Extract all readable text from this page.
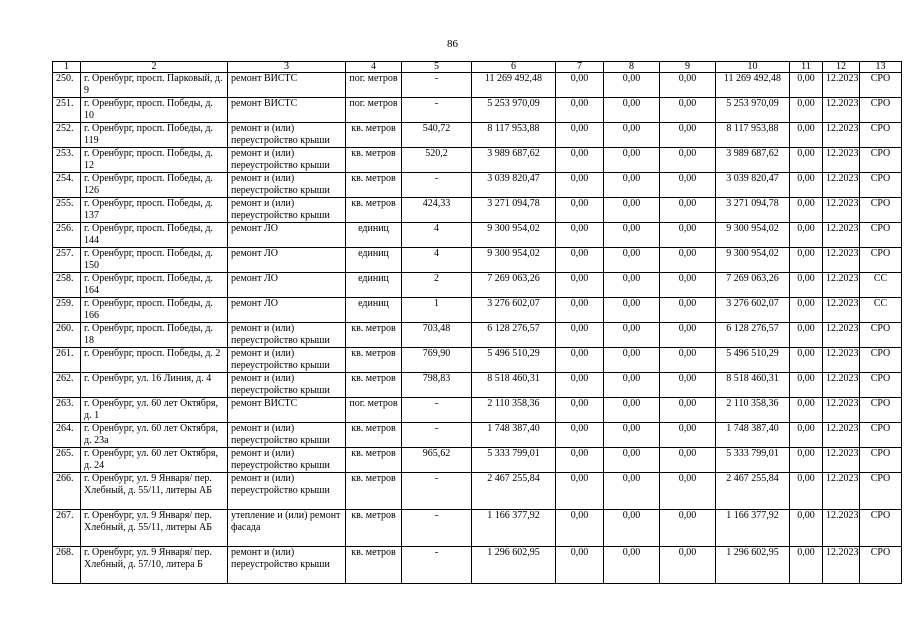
86
1	2	3	4	5	6	7	8	9	10	11	12	13
250.	г. Оренбург, просп. Парковый, д. 9	ремонт ВИСТС	пог. метров	-	11 269 492,48	0,00	0,00	0,00	11 269 492,48	0,00	12.2023	СРО
251.	г. Оренбург, просп. Победы, д. 10	ремонт ВИСТС	пог. метров	-	5 253 970,09	0,00	0,00	0,00	5 253 970,09	0,00	12.2023	СРО
252.	г. Оренбург, просп. Победы, д. 119	ремонт и (или) переустройство крыши	кв. метров	540,72	8 117 953,88	0,00	0,00	0,00	8 117 953,88	0,00	12.2023	СРО
253.	г. Оренбург, просп. Победы, д. 12	ремонт и (или) переустройство крыши	кв. метров	520,2	3 989 687,62	0,00	0,00	0,00	3 989 687,62	0,00	12.2023	СРО
254.	г. Оренбург, просп. Победы, д. 126	ремонт и (или) переустройство крыши	кв. метров	-	3 039 820,47	0,00	0,00	0,00	3 039 820,47	0,00	12.2023	СРО
255.	г. Оренбург, просп. Победы, д. 137	ремонт и (или) переустройство крыши	кв. метров	424,33	3 271 094,78	0,00	0,00	0,00	3 271 094,78	0,00	12.2023	СРО
256.	г. Оренбург, просп. Победы, д. 144	ремонт ЛО	единиц	4	9 300 954,02	0,00	0,00	0,00	9 300 954,02	0,00	12.2023	СРО
257.	г. Оренбург, просп. Победы, д. 150	ремонт ЛО	единиц	4	9 300 954,02	0,00	0,00	0,00	9 300 954,02	0,00	12.2023	СРО
258.	г. Оренбург, просп. Победы, д. 164	ремонт ЛО	единиц	2	7 269 063,26	0,00	0,00	0,00	7 269 063,26	0,00	12.2023	СС
259.	г. Оренбург, просп. Победы, д. 166	ремонт ЛО	единиц	1	3 276 602,07	0,00	0,00	0,00	3 276 602,07	0,00	12.2023	СС
260.	г. Оренбург, просп. Победы, д. 18	ремонт и (или) переустройство крыши	кв. метров	703,48	6 128 276,57	0,00	0,00	0,00	6 128 276,57	0,00	12.2023	СРО
261.	г. Оренбург, просп. Победы, д. 2	ремонт и (или) переустройство крыши	кв. метров	769,90	5 496 510,29	0,00	0,00	0,00	5 496 510,29	0,00	12.2023	СРО
262.	г. Оренбург, ул. 16 Линия, д. 4	ремонт и (или) переустройство крыши	кв. метров	798,83	8 518 460,31	0,00	0,00	0,00	8 518 460,31	0,00	12.2023	СРО
263.	г. Оренбург, ул. 60 лет Октября, д. 1	ремонт ВИСТС	пог. метров	-	2 110 358,36	0,00	0,00	0,00	2 110 358,36	0,00	12.2023	СРО
264.	г. Оренбург, ул. 60 лет Октября, д. 23а	ремонт и (или) переустройство крыши	кв. метров	-	1 748 387,40	0,00	0,00	0,00	1 748 387,40	0,00	12.2023	СРО
265.	г. Оренбург, ул. 60 лет Октября, д. 24	ремонт и (или) переустройство крыши	кв. метров	965,62	5 333 799,01	0,00	0,00	0,00	5 333 799,01	0,00	12.2023	СРО
266.	г. Оренбург, ул. 9 Января/ пер. Хлебный, д. 55/11, литеры АБ	ремонт и (или) переустройство крыши	кв. метров	-	2 467 255,84	0,00	0,00	0,00	2 467 255,84	0,00	12.2023	СРО
267.	г. Оренбург, ул. 9 Января/ пер. Хлебный, д. 55/11, литеры АБ	утепление и (или) ремонт фасада	кв. метров	-	1 166 377,92	0,00	0,00	0,00	1 166 377,92	0,00	12.2023	СРО
268.	г. Оренбург, ул. 9 Января/ пер. Хлебный, д. 57/10, литера Б	ремонт и (или) переустройство крыши	кв. метров	-	1 296 602,95	0,00	0,00	0,00	1 296 602,95	0,00	12.2023	СРО
